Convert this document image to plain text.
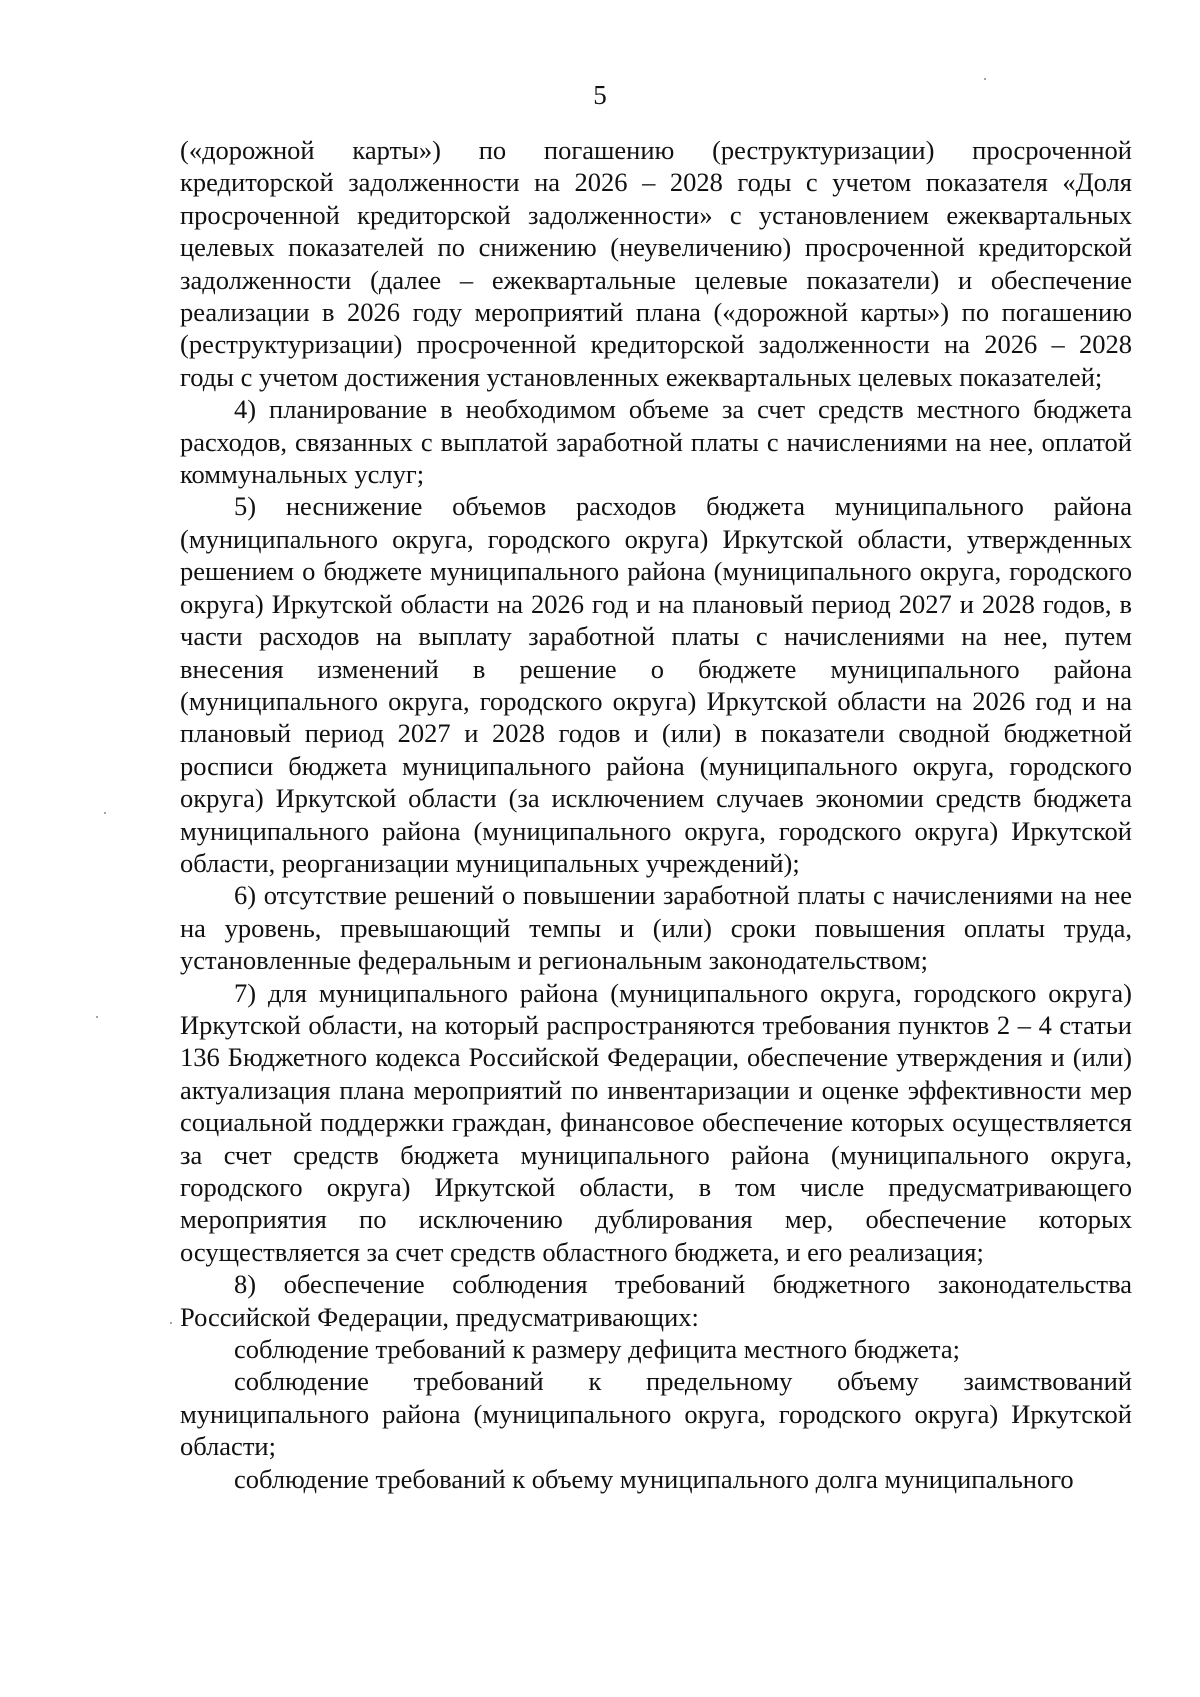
5

(«дорожной карты») по погашению (реструктуризации) просроченной кредиторской задолженности на 2026 – 2028 годы с учетом показателя «Доля просроченной кредиторской задолженности» с установлением ежеквартальных целевых показателей по снижению (неувеличению) просроченной кредиторской задолженности (далее – ежеквартальные целевые показатели) и обеспечение реализации в 2026 году мероприятий плана («дорожной карты») по погашению (реструктуризации) просроченной кредиторской задолженности на 2026 – 2028 годы с учетом достижения установленных ежеквартальных целевых показателей;

4) планирование в необходимом объеме за счет средств местного бюджета расходов, связанных с выплатой заработной платы с начислениями на нее, оплатой коммунальных услуг;

5) неснижение объемов расходов бюджета муниципального района (муниципального округа, городского округа) Иркутской области, утвержденных решением о бюджете муниципального района (муниципального округа, городского округа) Иркутской области на 2026 год и на плановый период 2027 и 2028 годов, в части расходов на выплату заработной платы с начислениями на нее, путем внесения изменений в решение о бюджете муниципального района (муниципального округа, городского округа) Иркутской области на 2026 год и на плановый период 2027 и 2028 годов и (или) в показатели сводной бюджетной росписи бюджета муниципального района (муниципального округа, городского округа) Иркутской области (за исключением случаев экономии средств бюджета муниципального района (муниципального округа, городского округа) Иркутской области, реорганизации муниципальных учреждений);

6) отсутствие решений о повышении заработной платы с начислениями на нее на уровень, превышающий темпы и (или) сроки повышения оплаты труда, установленные федеральным и региональным законодательством;

7) для муниципального района (муниципального округа, городского округа) Иркутской области, на который распространяются требования пунктов 2 – 4 статьи 136 Бюджетного кодекса Российской Федерации, обеспечение утверждения и (или) актуализация плана мероприятий по инвентаризации и оценке эффективности мер социальной поддержки граждан, финансовое обеспечение которых осуществляется за счет средств бюджета муниципального района (муниципального округа, городского округа) Иркутской области, в том числе предусматривающего мероприятия по исключению дублирования мер, обеспечение которых осуществляется за счет средств областного бюджета, и его реализация;

8) обеспечение соблюдения требований бюджетного законодательства Российской Федерации, предусматривающих:

соблюдение требований к размеру дефицита местного бюджета;

соблюдение требований к предельному объему заимствований муниципального района (муниципального округа, городского округа) Иркутской области;

соблюдение требований к объему муниципального долга муниципального
